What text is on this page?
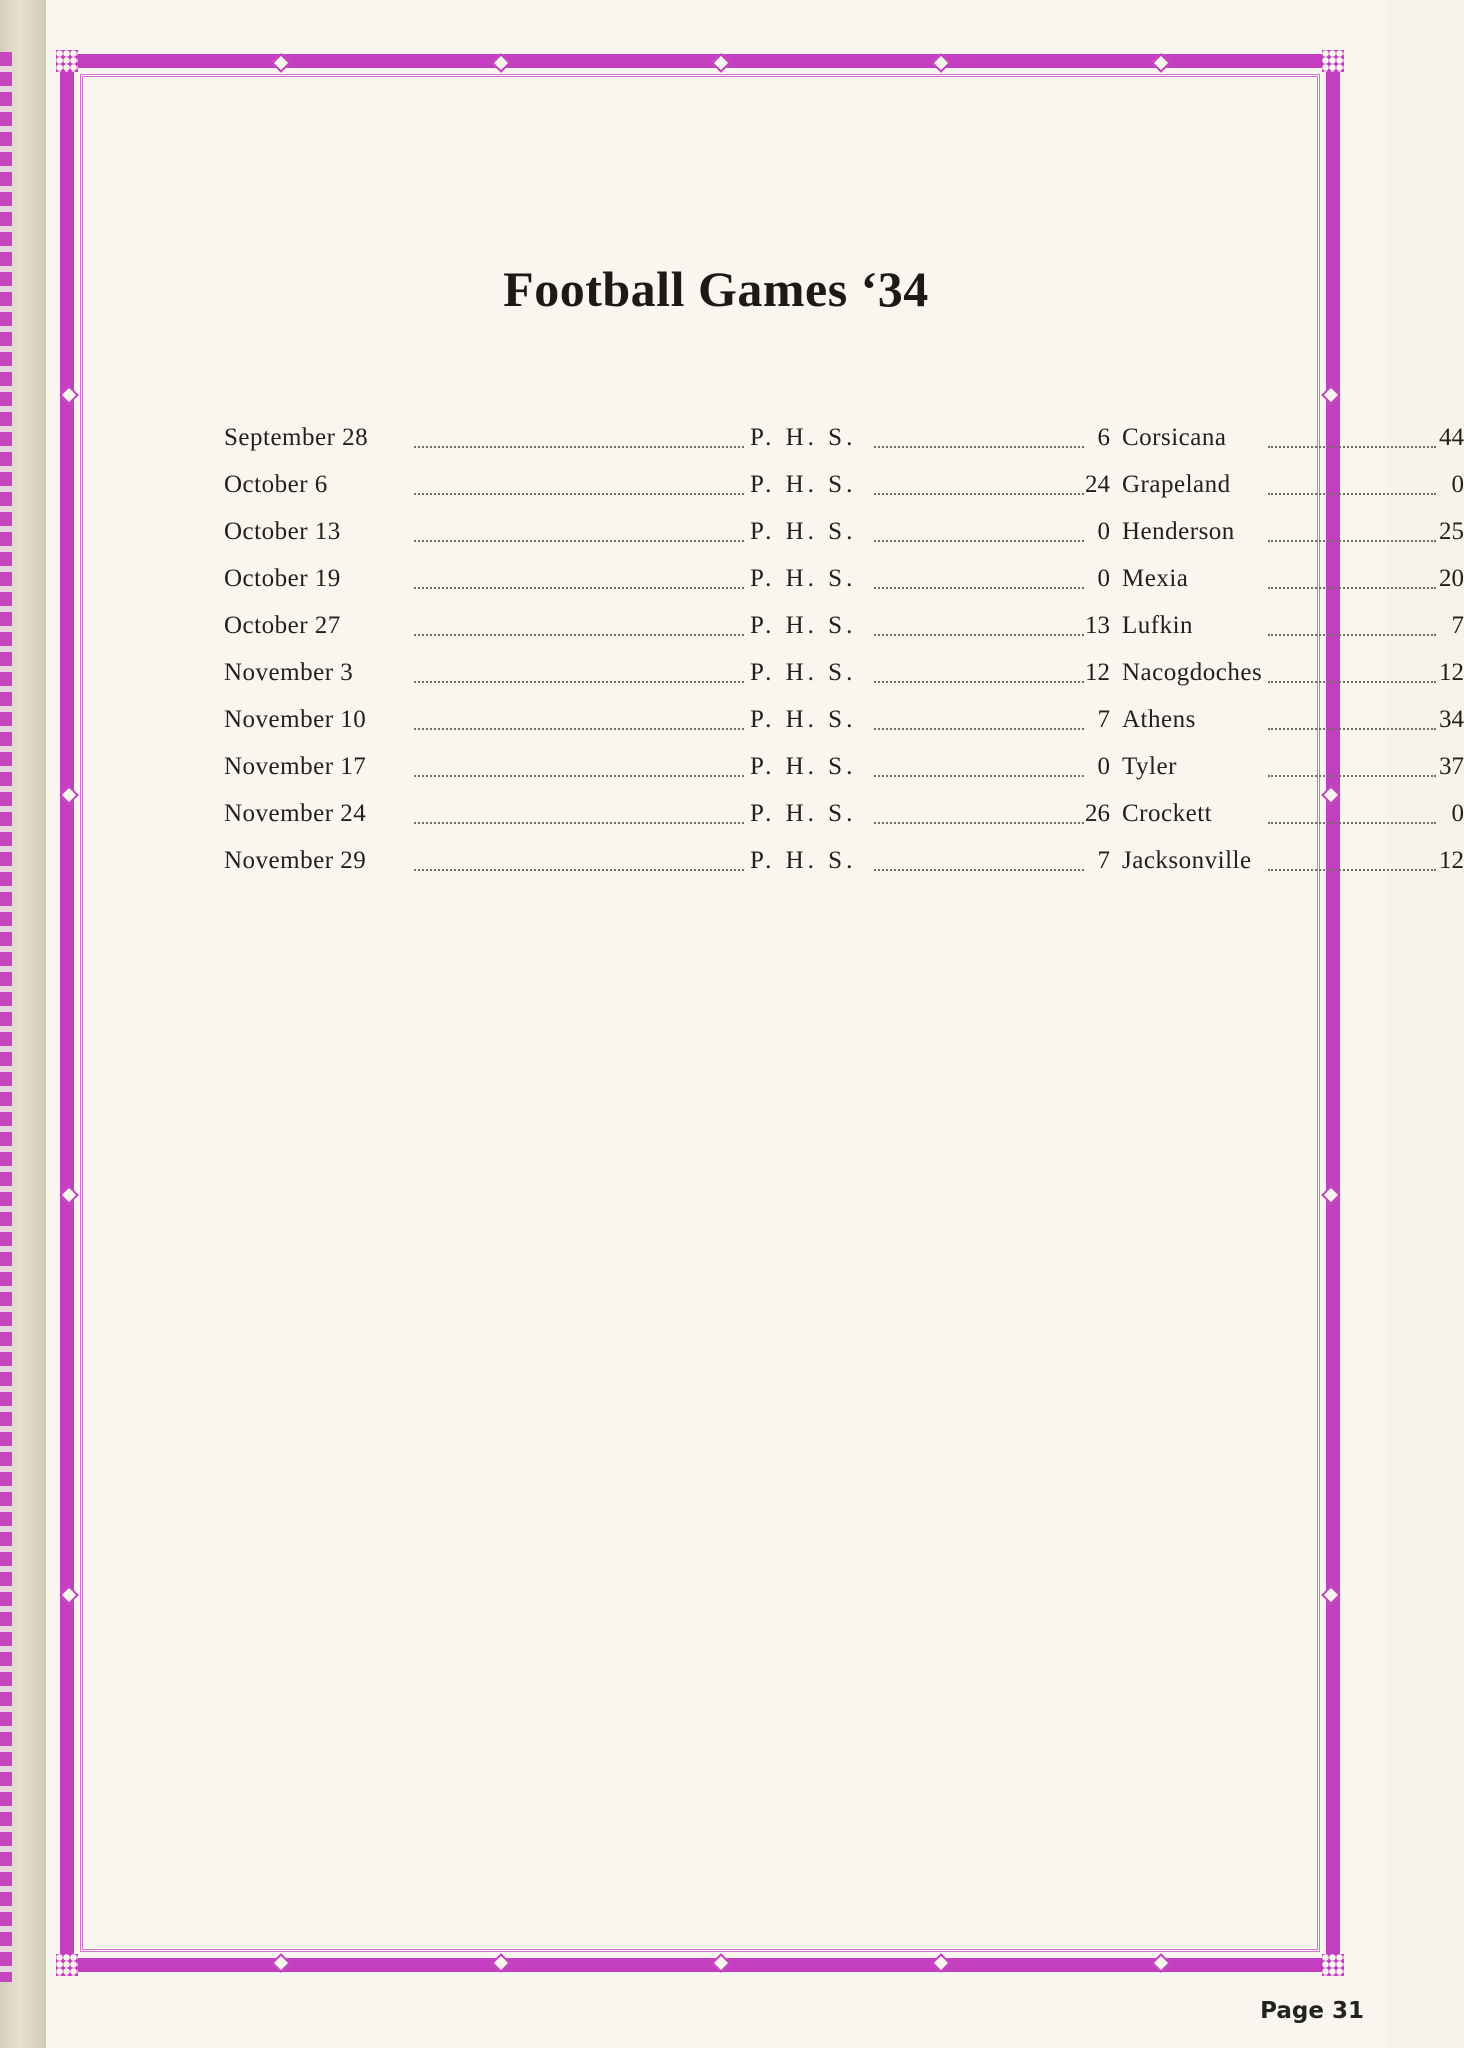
Football Games ‘34
September 28	P. H. S.	6 Corsicana	44
October 6	P. H. S.	24 Grapeland	0
October 13	P. H. S.	0 Henderson	25
October 19	P. H. S.	0 Mexia	20
October 27	P. H. S.	13 Lufkin	7
November 3	P. H. S.	12 Nacogdoches	12
November 10	P. H. S.	7 Athens	34
November 17	P. H. S.	0 Tyler	37
November 24	P. H. S.	26 Crockett	0
November 29	P. H. S.	7 Jacksonville	12
Page 31
